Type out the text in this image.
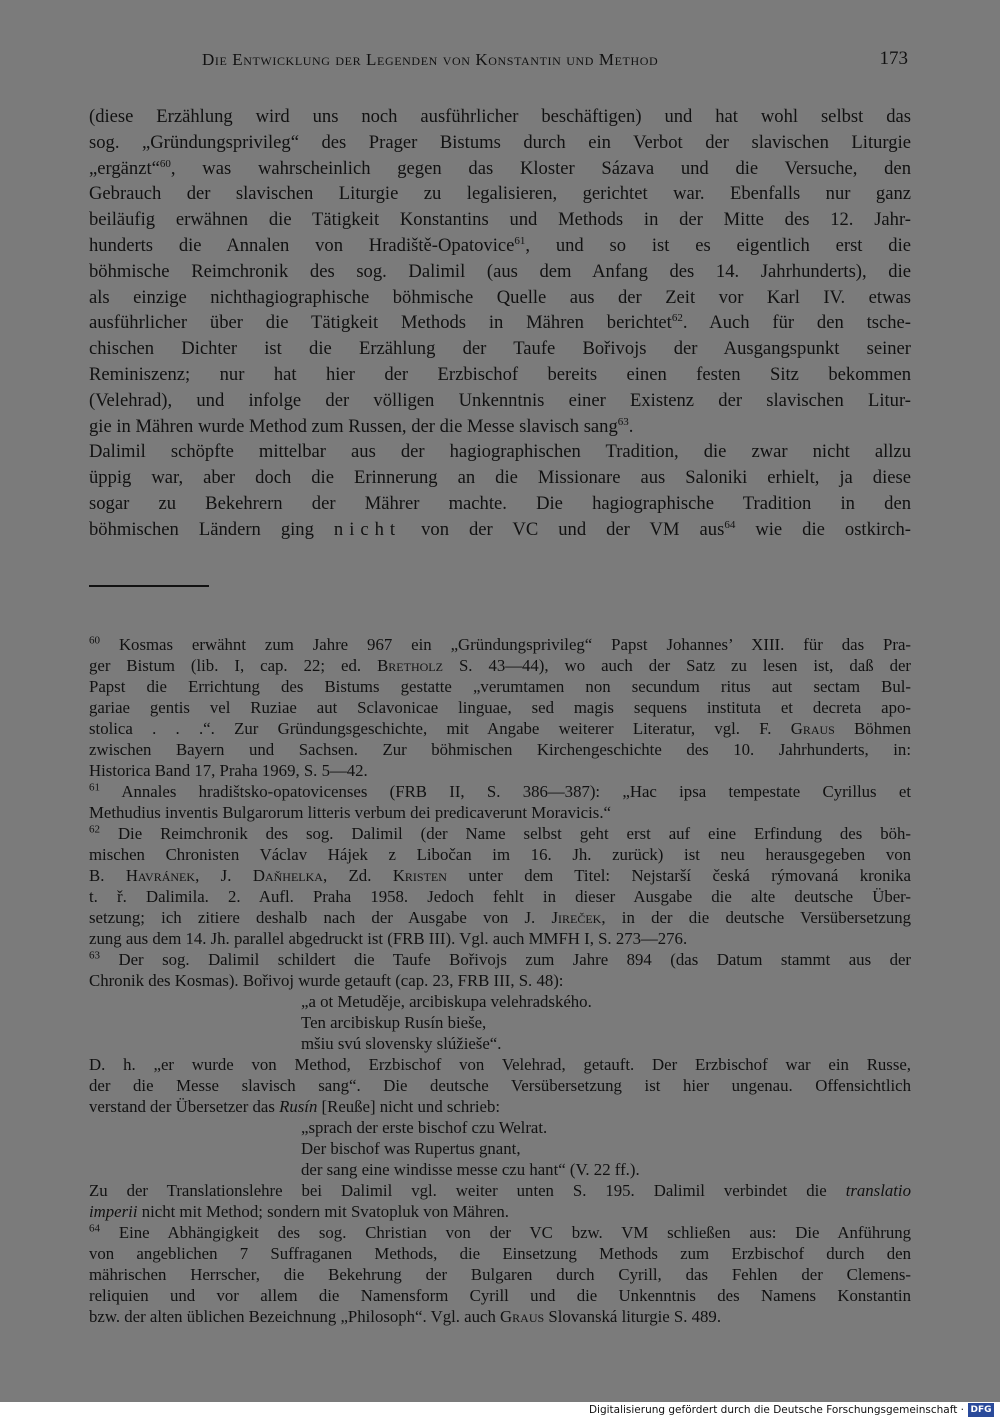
Die Entwicklung der Legenden von Konstantin und Method	173

(diese Erzählung wird uns noch ausführlicher beschäftigen) und hat wohl selbst das
sog. „Gründungsprivileg“ des Prager Bistums durch ein Verbot der slavischen Liturgie
„ergänzt“$^{60}$, was wahrscheinlich gegen das Kloster Sázava und die Versuche, den
Gebrauch der slavischen Liturgie zu legalisieren, gerichtet war. Ebenfalls nur ganz
beiläufig erwähnen die Tätigkeit Konstantins und Methods in der Mitte des 12. Jahr-
hunderts die Annalen von Hradiště-Opatovice$^{61}$, und so ist es eigentlich erst die
böhmische Reimchronik des sog. Dalimil (aus dem Anfang des 14. Jahrhunderts), die
als einzige nichthagiographische böhmische Quelle aus der Zeit vor Karl IV. etwas
ausführlicher über die Tätigkeit Methods in Mähren berichtet$^{62}$. Auch für den tsche-
chischen Dichter ist die Erzählung der Taufe Bořivojs der Ausgangspunkt seiner
Reminiszenz; nur hat hier der Erzbischof bereits einen festen Sitz bekommen
(Velehrad), und infolge der völligen Unkenntnis einer Existenz der slavischen Litur-
gie in Mähren wurde Method zum Russen, der die Messe slavisch sang$^{63}$.

Dalimil schöpfte mittelbar aus der hagiographischen Tradition, die zwar nicht allzu
üppig war, aber doch die Erinnerung an die Missionare aus Saloniki erhielt, ja diese
sogar zu Bekehrern der Mährer machte. Die hagiographische Tradition in den
böhmischen Ländern ging nicht von der VC und der VM aus$^{64}$ wie die ostkirch-

$^{60}$ Kosmas erwähnt zum Jahre 967 ein „Gründungsprivileg“ Papst Johannes’ XIII. für das Pra-
ger Bistum (lib. I, cap. 22; ed. Bretholz S. 43—44), wo auch der Satz zu lesen ist, daß der
Papst die Errichtung des Bistums gestatte „verumtamen non secundum ritus aut sectam Bul-
gariae gentis vel Ruziae aut Sclavonicae linguae, sed magis sequens instituta et decreta apo-
stolica . . .“. Zur Gründungsgeschichte, mit Angabe weiterer Literatur, vgl. F. Graus Böhmen
zwischen Bayern und Sachsen. Zur böhmischen Kirchengeschichte des 10. Jahrhunderts, in:
Historica Band 17, Praha 1969, S. 5—42.
$^{61}$ Annales hradištsko-opatovicenses (FRB II, S. 386—387): „Hac ipsa tempestate Cyrillus et
Methudius inventis Bulgarorum litteris verbum dei predicaverunt Moravicis.“
$^{62}$ Die Reimchronik des sog. Dalimil (der Name selbst geht erst auf eine Erfindung des böh-
mischen Chronisten Václav Hájek z Libočan im 16. Jh. zurück) ist neu herausgegeben von
B. Havránek, J. Daňhelka, Zd. Kristen unter dem Titel: Nejstarší česká rýmovaná kronika
t. ř. Dalimila. 2. Aufl. Praha 1958. Jedoch fehlt in dieser Ausgabe die alte deutsche Über-
setzung; ich zitiere deshalb nach der Ausgabe von J. Jireček, in der die deutsche Versübersetzung
zung aus dem 14. Jh. parallel abgedruckt ist (FRB III). Vgl. auch MMFH I, S. 273—276.
$^{63}$ Der sog. Dalimil schildert die Taufe Bořivojs zum Jahre 894 (das Datum stammt aus der
Chronik des Kosmas). Bořivoj wurde getauft (cap. 23, FRB III, S. 48):
„a ot Metuděje, arcibiskupa velehradského.
Ten arcibiskup Rusín bieše,
mšiu svú slovensky slúžieše“.
D. h. „er wurde von Method, Erzbischof von Velehrad, getauft. Der Erzbischof war ein Russe,
der die Messe slavisch sang“. Die deutsche Versübersetzung ist hier ungenau. Offensichtlich
verstand der Übersetzer das Rusín [Reuße] nicht und schrieb:
„sprach der erste bischof czu Welrat.
Der bischof was Rupertus gnant,
der sang eine windisse messe czu hant“ (V. 22 ff.).
Zu der Translationslehre bei Dalimil vgl. weiter unten S. 195. Dalimil verbindet die translatio
imperii nicht mit Method; sondern mit Svatopluk von Mähren.
$^{64}$ Eine Abhängigkeit des sog. Christian von der VC bzw. VM schließen aus: Die Anführung
von angeblichen 7 Suffraganen Methods, die Einsetzung Methods zum Erzbischof durch den
mährischen Herrscher, die Bekehrung der Bulgaren durch Cyrill, das Fehlen der Clemens-
reliquien und vor allem die Namensform Cyrill und die Unkenntnis des Namens Konstantin
bzw. der alten üblichen Bezeichnung „Philosoph“. Vgl. auch Graus Slovanská liturgie S. 489.
Digitalisierung gefördert durch die Deutsche Forschungsgemeinschaft · DFG
